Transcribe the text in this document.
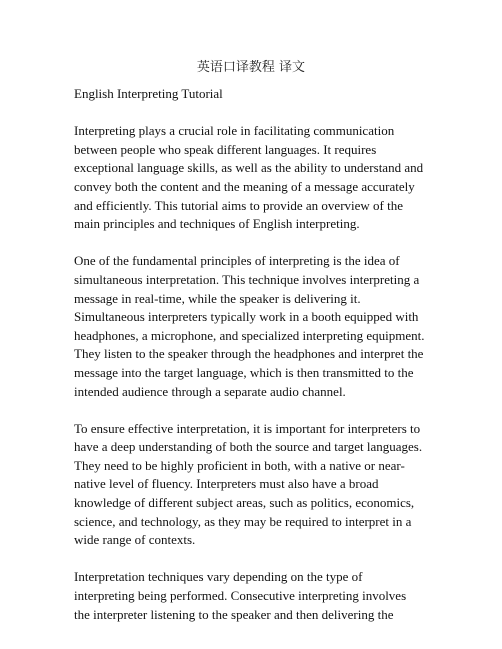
英语口译教程 译文
English Interpreting Tutorial
Interpreting plays a crucial role in facilitating communication
between people who speak different languages. It requires
exceptional language skills, as well as the ability to understand and
convey both the content and the meaning of a message accurately
and efficiently. This tutorial aims to provide an overview of the
main principles and techniques of English interpreting.
One of the fundamental principles of interpreting is the idea of
simultaneous interpretation. This technique involves interpreting a
message in real-time, while the speaker is delivering it.
Simultaneous interpreters typically work in a booth equipped with
headphones, a microphone, and specialized interpreting equipment.
They listen to the speaker through the headphones and interpret the
message into the target language, which is then transmitted to the
intended audience through a separate audio channel.
To ensure effective interpretation, it is important for interpreters to
have a deep understanding of both the source and target languages.
They need to be highly proficient in both, with a native or near-
native level of fluency. Interpreters must also have a broad
knowledge of different subject areas, such as politics, economics,
science, and technology, as they may be required to interpret in a
wide range of contexts.
Interpretation techniques vary depending on the type of
interpreting being performed. Consecutive interpreting involves
the interpreter listening to the speaker and then delivering the
